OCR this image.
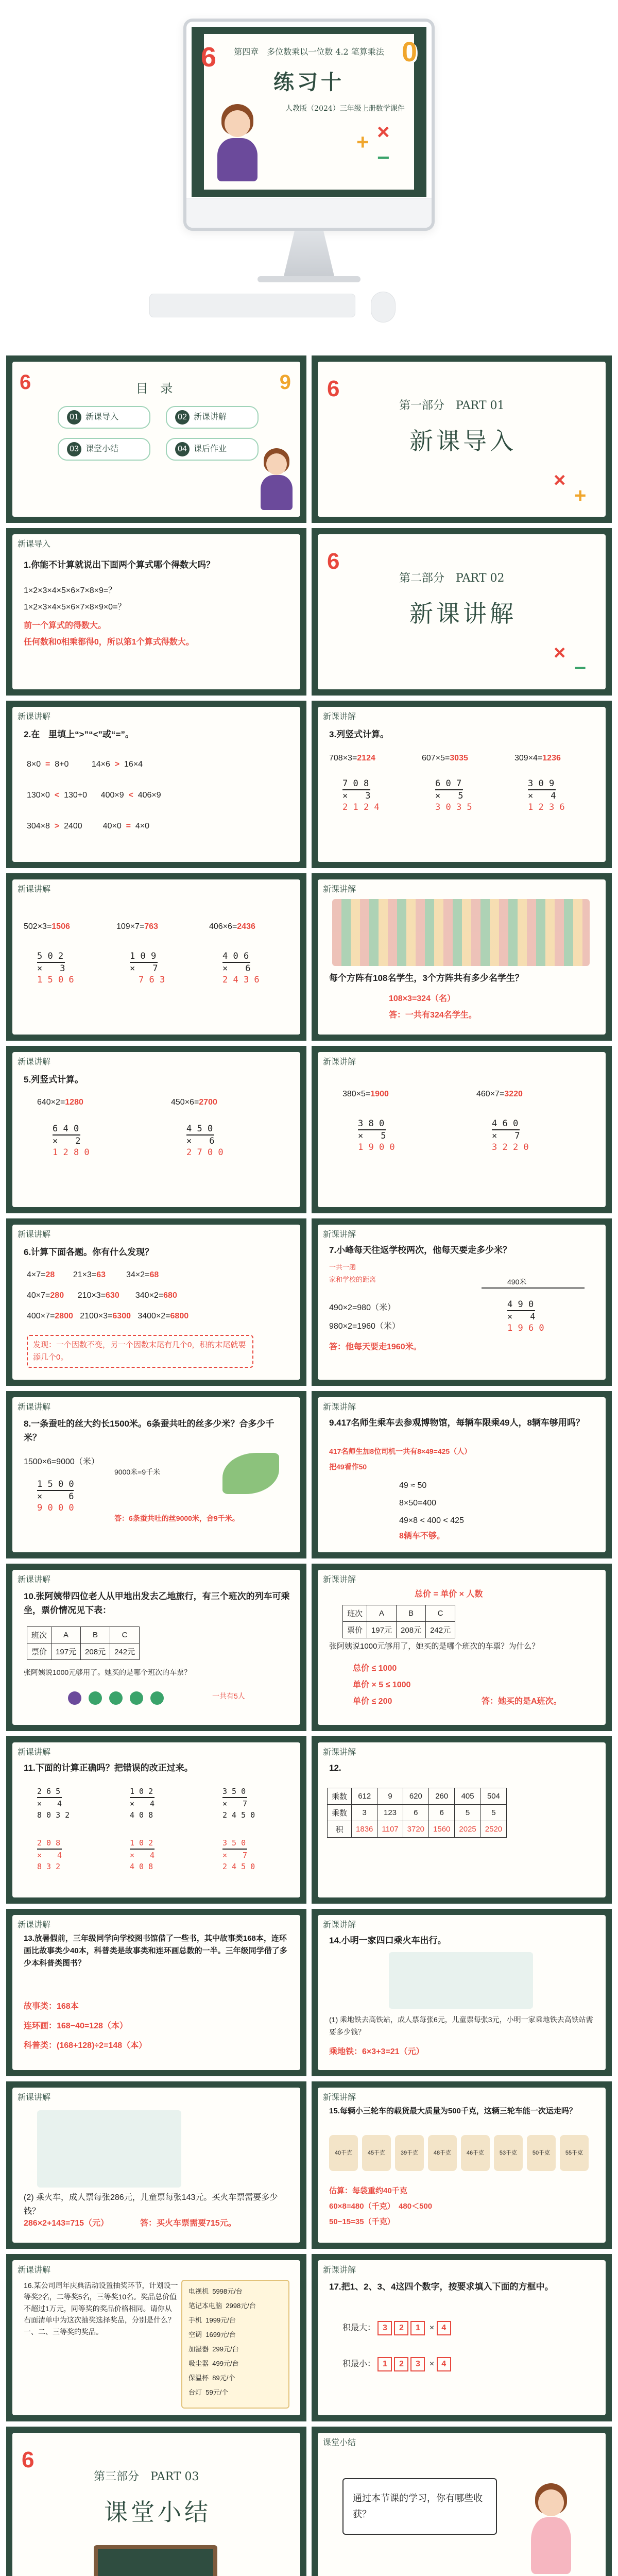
6	0
第四章　多位数乘以一位数 4.2 笔算乘法
练习十
人教版（2024）三年级上册数学课件
+ ×
−
6	9
目 录
01 新课导入	02 新课讲解
03 课堂小结	04 课后作业
第一部分　PART 01
新课导入
6
×
+
新课导入
1.你能不计算就说出下面两个算式哪个得数大吗？
1×2×3×4×5×6×7×8×9=？
1×2×3×4×5×6×7×8×9×0=？
前一个算式的得数大。
任何数和0相乘都得0，所以第1个算式得数大。
第二部分　PART 02
新课讲解
6
×
−
新课讲解
2.在　里填上“>”“<”或“=”。
8×0 = 8+0	14×6 > 16×4
130×0 < 130+0 400×9 < 406×9
304×8 > 2400	40×0 = 4×0
新课讲解
3.列竖式计算。
708×3=2124	607×5=3035	309×4=1236
7 0 8
×　　3
2 1 2 4
6 0 7
×　　5
3 0 3 5
3 0 9
×　　4
1 2 3 6
新课讲解
502×3=1506	109×7=763	406×6=2436
5 0 2
×　　3
1 5 0 6
1 0 9
×　　7
　7 6 3
4 0 6
×　　6
2 4 3 6
新课讲解
每个方阵有108名学生，3个方阵共有多少名学生？
108×3=324（名）
答：一共有324名学生。
新课讲解
5.列竖式计算。
640×2=1280	450×6=2700
6 4 0
×　　2
1 2 8 0
4 5 0
×　　6
2 7 0 0
新课讲解
380×5=1900	460×7=3220
3 8 0
×　　5
1 9 0 0
4 6 0
×　　7
3 2 2 0
新课讲解
6.计算下面各题。你有什么发现？
4×7=28 21×3=63	34×2=68
40×7=280 210×3=630 340×2=680
400×7=2800 2100×3=6300 3400×2=6800
发现：一个因数不变，另一个因数末尾有几个0，积的末尾就要添几个0。
新课讲解
7.小峰每天往返学校两次，他每天要走多少米？
一共一趟
家和学校的距离	490米
490×2=980（米）
980×2=1960（米）
答：他每天要走1960米。
4 9 0
×　　4
1 9 6 0
新课讲解
8.一条蚕吐的丝大约长1500米。6条蚕共吐的丝多少米？合多少千米？
1500×6=9000（米）
9000米=9千米
1 5 0 0
×　　　6
9 0 0 0
答：6条蚕共吐的丝9000米，合9千米。
新课讲解
9.417名师生乘车去参观博物馆，每辆车限乘49人，8辆车够用吗？
417名师生加8位司机一共有8×49=425（人）
把49看作50
49 ≈ 50
8×50=400
49×8 < 400 < 425
8辆车不够。
新课讲解
10.张阿姨带四位老人从甲地出发去乙地旅行，有三个班次的列车可乘坐，票价情况见下表：
班次	A	B	C
票价	197元	208元	242元
张阿姨说1000元够用了。她买的是哪个班次的车票？
一共有5人
新课讲解
总价 = 单价 × 人数
班次	A	B	C
票价	197元	208元	242元
张阿姨说1000元够用了，她买的是哪个班次的车票？为什么？
总价 ≤ 1000
单价 × 5 ≤ 1000
单价 ≤ 200	答：她买的是A班次。
新课讲解
11.下面的计算正确吗？把错误的改正过来。
2 6 5
×　　4
8 0 3 2
1 0 2
×　　4
4 0 8
3 5 0
×　　7
2 4 5 0
2 0 8
×　　4
8 3 2
1 0 2
×　　4
4 0 8
3 5 0
×　　7
2 4 5 0
新课讲解
12.
乘数	612	9	620	260	405	504
乘数	3	123	6	6	5	5
积	1836	1107	3720	1560	2025	2520
新课讲解
13.放暑假前，三年级同学向学校图书馆借了一些书，其中故事类168本，连环画比故事类少40本，科普类是故事类和连环画总数的一半。三年级同学借了多少本科普类图书？
故事类：168本
连环画：168−40=128（本）
科普类：(168+128)÷2=148（本）
新课讲解
14.小明一家四口乘火车出行。
(1) 乘地铁去高铁站，成人票每张6元，儿童票每张3元，小明一家乘地铁去高铁站需要多少钱？
乘地铁：6×3+3=21（元）
新课讲解
(2) 乘火车，成人票每张286元，儿童票每张143元。买火车票需要多少钱？
286×2+143=715（元）	答：买火车票需要715元。
新课讲解
15.每辆小三轮车的载货最大质量为500千克，这辆三轮车能一次运走吗？
40千克	45千克	39千克	48千克	46千克	53千克	50千克	55千克
估算：每袋重约40千克
60×8=480（千克）　480＜500
50−15=35（千克）
新课讲解
16.某公司周年庆典活动设置抽奖环节，计划设一等奖2名，二等奖5名，三等奖10名。奖品总价值不超过1万元，同等奖的奖品价格相同。请你从右面清单中为这次抽奖选择奖品，分别是什么？一、二、三等奖的奖品。
电视机 5998元/台
笔记本电脑 2998元/台
手机 1999元/台
空调 1699元/台
加湿器 299元/台
吸尘器 499元/台
保温杯 89元/个
台灯 59元/个
新课讲解
17.把1、2、3、4这四个数字，按要求填入下面的方框中。
积最大： 3 2 1 × 4
积最小： 1 2 3 × 4
6
第三部分　PART 03
课堂小结
课堂小结
通过本节课的学习，你有哪些收获？
